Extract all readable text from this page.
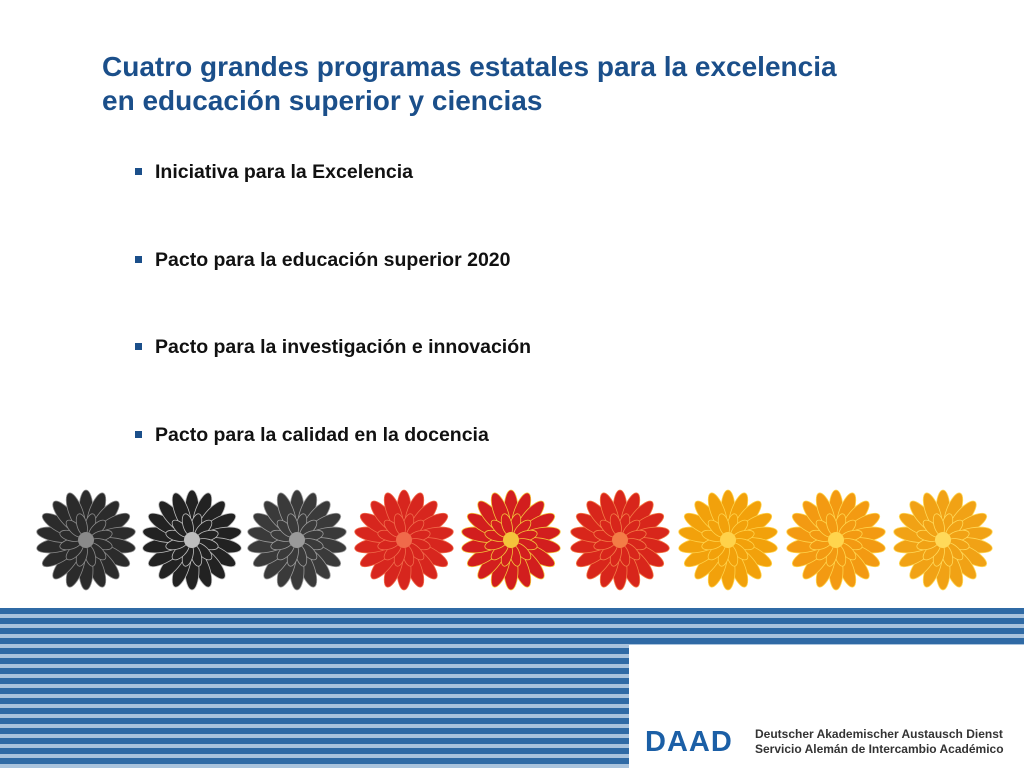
Cuatro grandes programas estatales para la excelencia
en educación superior y ciencias
Iniciativa para la Excelencia
Pacto para la educación superior 2020
Pacto para la investigación e innovación
Pacto para la calidad en la docencia
DAAD Deutscher Akademischer Austausch Dienst
Servicio Alemán de Intercambio Académico
